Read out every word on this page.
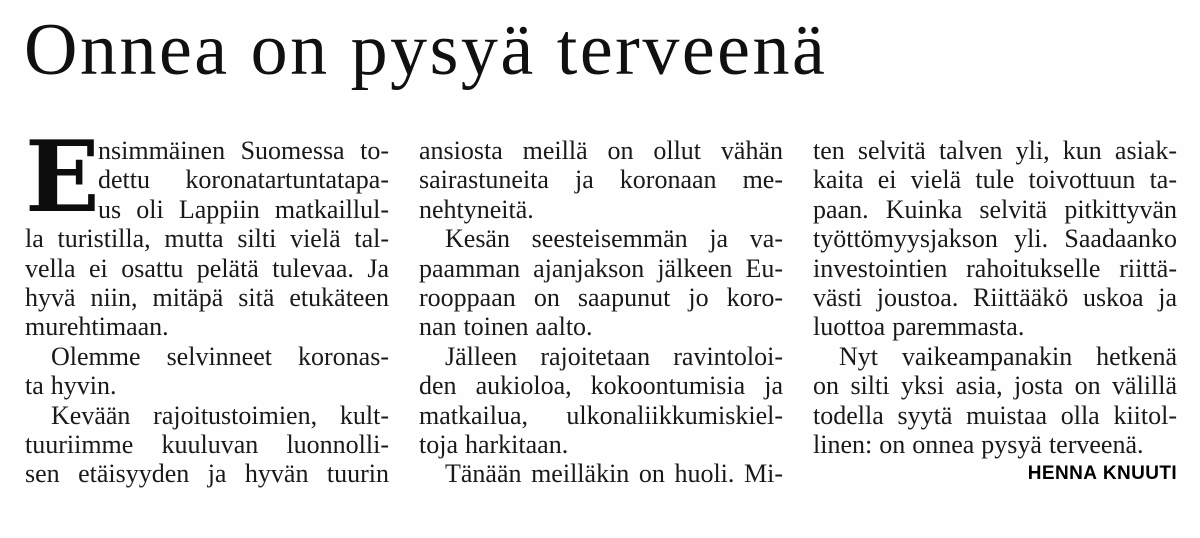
Onnea on pysyä terveenä
E
nsimmäinen Suomessa to-
dettu koronatartuntatapa-
us oli Lappiin matkaillul-
la turistilla, mutta silti vielä tal-
vella ei osattu pelätä tulevaa. Ja
hyvä niin, mitäpä sitä etukäteen
murehtimaan.
Olemme selvinneet koronas-
ta hyvin.
Kevään rajoitustoimien, kult-
tuuriimme kuuluvan luonnolli-
sen etäisyyden ja hyvän tuurin
ansiosta meillä on ollut vähän
sairastuneita ja koronaan me-
nehtyneitä.
Kesän seesteisemmän ja va-
paamman ajanjakson jälkeen Eu-
rooppaan on saapunut jo koro-
nan toinen aalto.
Jälleen rajoitetaan ravintoloi-
den aukioloa, kokoontumisia ja
matkailua, ulkonaliikkumiskiel-
toja harkitaan.
Tänään meilläkin on huoli. Mi-
ten selvitä talven yli, kun asiak-
kaita ei vielä tule toivottuun ta-
paan. Kuinka selvitä pitkittyvän
työttömyysjakson yli. Saadaanko
investointien rahoitukselle riittä-
västi joustoa. Riittääkö uskoa ja
luottoa paremmasta.
Nyt vaikeampanakin hetkenä
on silti yksi asia, josta on välillä
todella syytä muistaa olla kiitol-
linen: on onnea pysyä terveenä.
HENNA KNUUTI
